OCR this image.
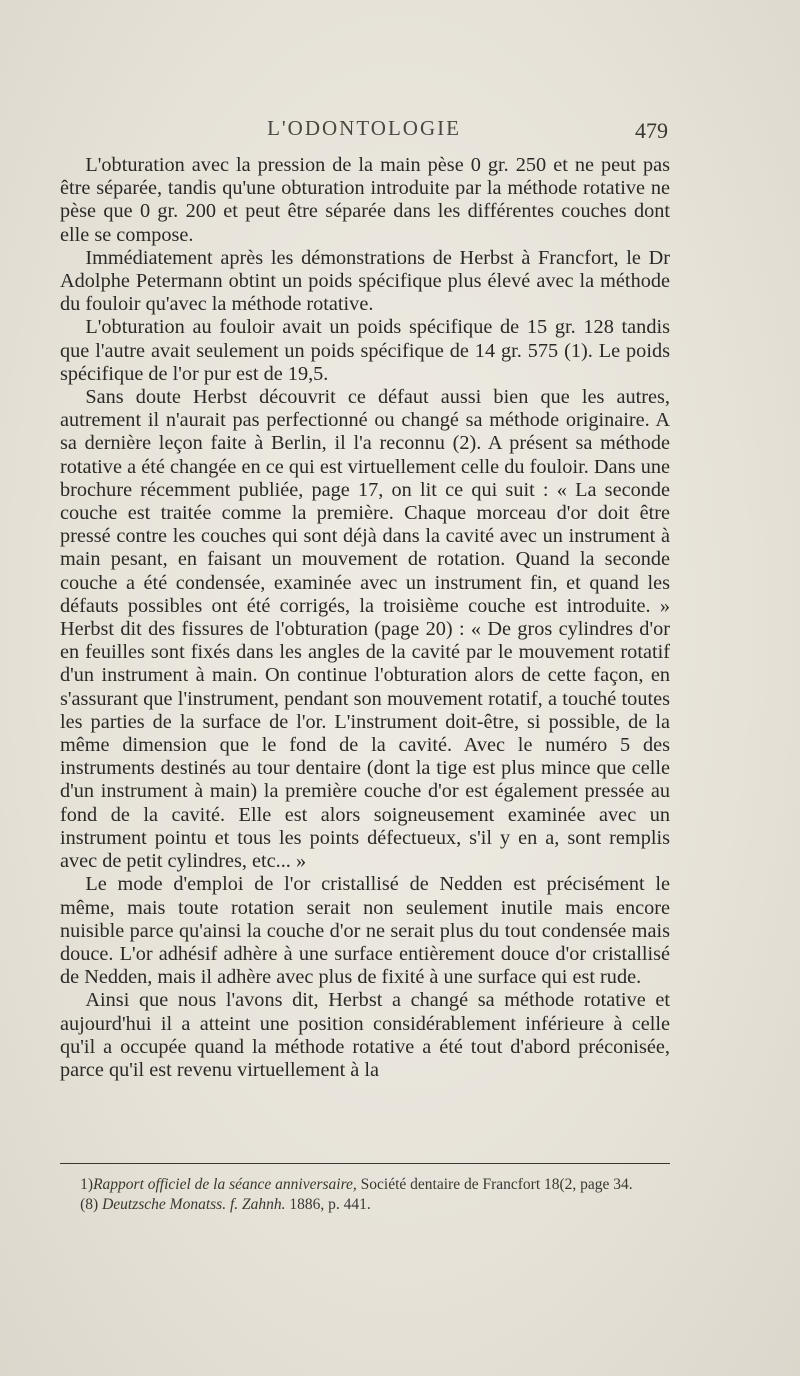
L'ODONTOLOGIE	479

L'obturation avec la pression de la main pèse 0 gr. 250 et ne peut pas être séparée, tandis qu'une obturation introduite par la méthode rotative ne pèse que 0 gr. 200 et peut être séparée dans les différentes couches dont elle se compose.

Immédiatement après les démonstrations de Herbst à Francfort, le Dr Adolphe Petermann obtint un poids spécifique plus élevé avec la méthode du fouloir qu'avec la méthode rotative.

L'obturation au fouloir avait un poids spécifique de 15 gr. 128 tandis que l'autre avait seulement un poids spécifique de 14 gr. 575 (1). Le poids spécifique de l'or pur est de 19,5.

Sans doute Herbst découvrit ce défaut aussi bien que les autres, autrement il n'aurait pas perfectionné ou changé sa méthode originaire. A sa dernière leçon faite à Berlin, il l'a reconnu (2). A présent sa méthode rotative a été changée en ce qui est virtuellement celle du fouloir. Dans une brochure récemment publiée, page 17, on lit ce qui suit : « La seconde couche est traitée comme la première. Chaque morceau d'or doit être pressé contre les couches qui sont déjà dans la cavité avec un instrument à main pesant, en faisant un mouvement de rotation. Quand la seconde couche a été condensée, examinée avec un instrument fin, et quand les défauts possibles ont été corrigés, la troisième couche est introduite. » Herbst dit des fissures de l'obturation (page 20) : « De gros cylindres d'or en feuilles sont fixés dans les angles de la cavité par le mouvement rotatif d'un instrument à main. On continue l'obturation alors de cette façon, en s'assurant que l'instrument, pendant son mouvement rotatif, a touché toutes les parties de la surface de l'or. L'instrument doit-être, si possible, de la même dimension que le fond de la cavité. Avec le numéro 5 des instruments destinés au tour dentaire (dont la tige est plus mince que celle d'un instrument à main) la première couche d'or est également pressée au fond de la cavité. Elle est alors soigneusement examinée avec un instrument pointu et tous les points défectueux, s'il y en a, sont remplis avec de petit cylindres, etc... »

Le mode d'emploi de l'or cristallisé de Nedden est précisément le même, mais toute rotation serait non seulement inutile mais encore nuisible parce qu'ainsi la couche d'or ne serait plus du tout condensée mais douce. L'or adhésif adhère à une surface entièrement douce d'or cristallisé de Nedden, mais il adhère avec plus de fixité à une surface qui est rude.

Ainsi que nous l'avons dit, Herbst a changé sa méthode rotative et aujourd'hui il a atteint une position considérablement inférieure à celle qu'il a occupée quand la méthode rotative a été tout d'abord préconisée, parce qu'il est revenu virtuellement à la

1)Rapport officiel de la séance anniversaire, Société dentaire de Francfort 18(2, page 34.

(8) Deutzsche Monatss. f. Zahnh. 1886, p. 441.
